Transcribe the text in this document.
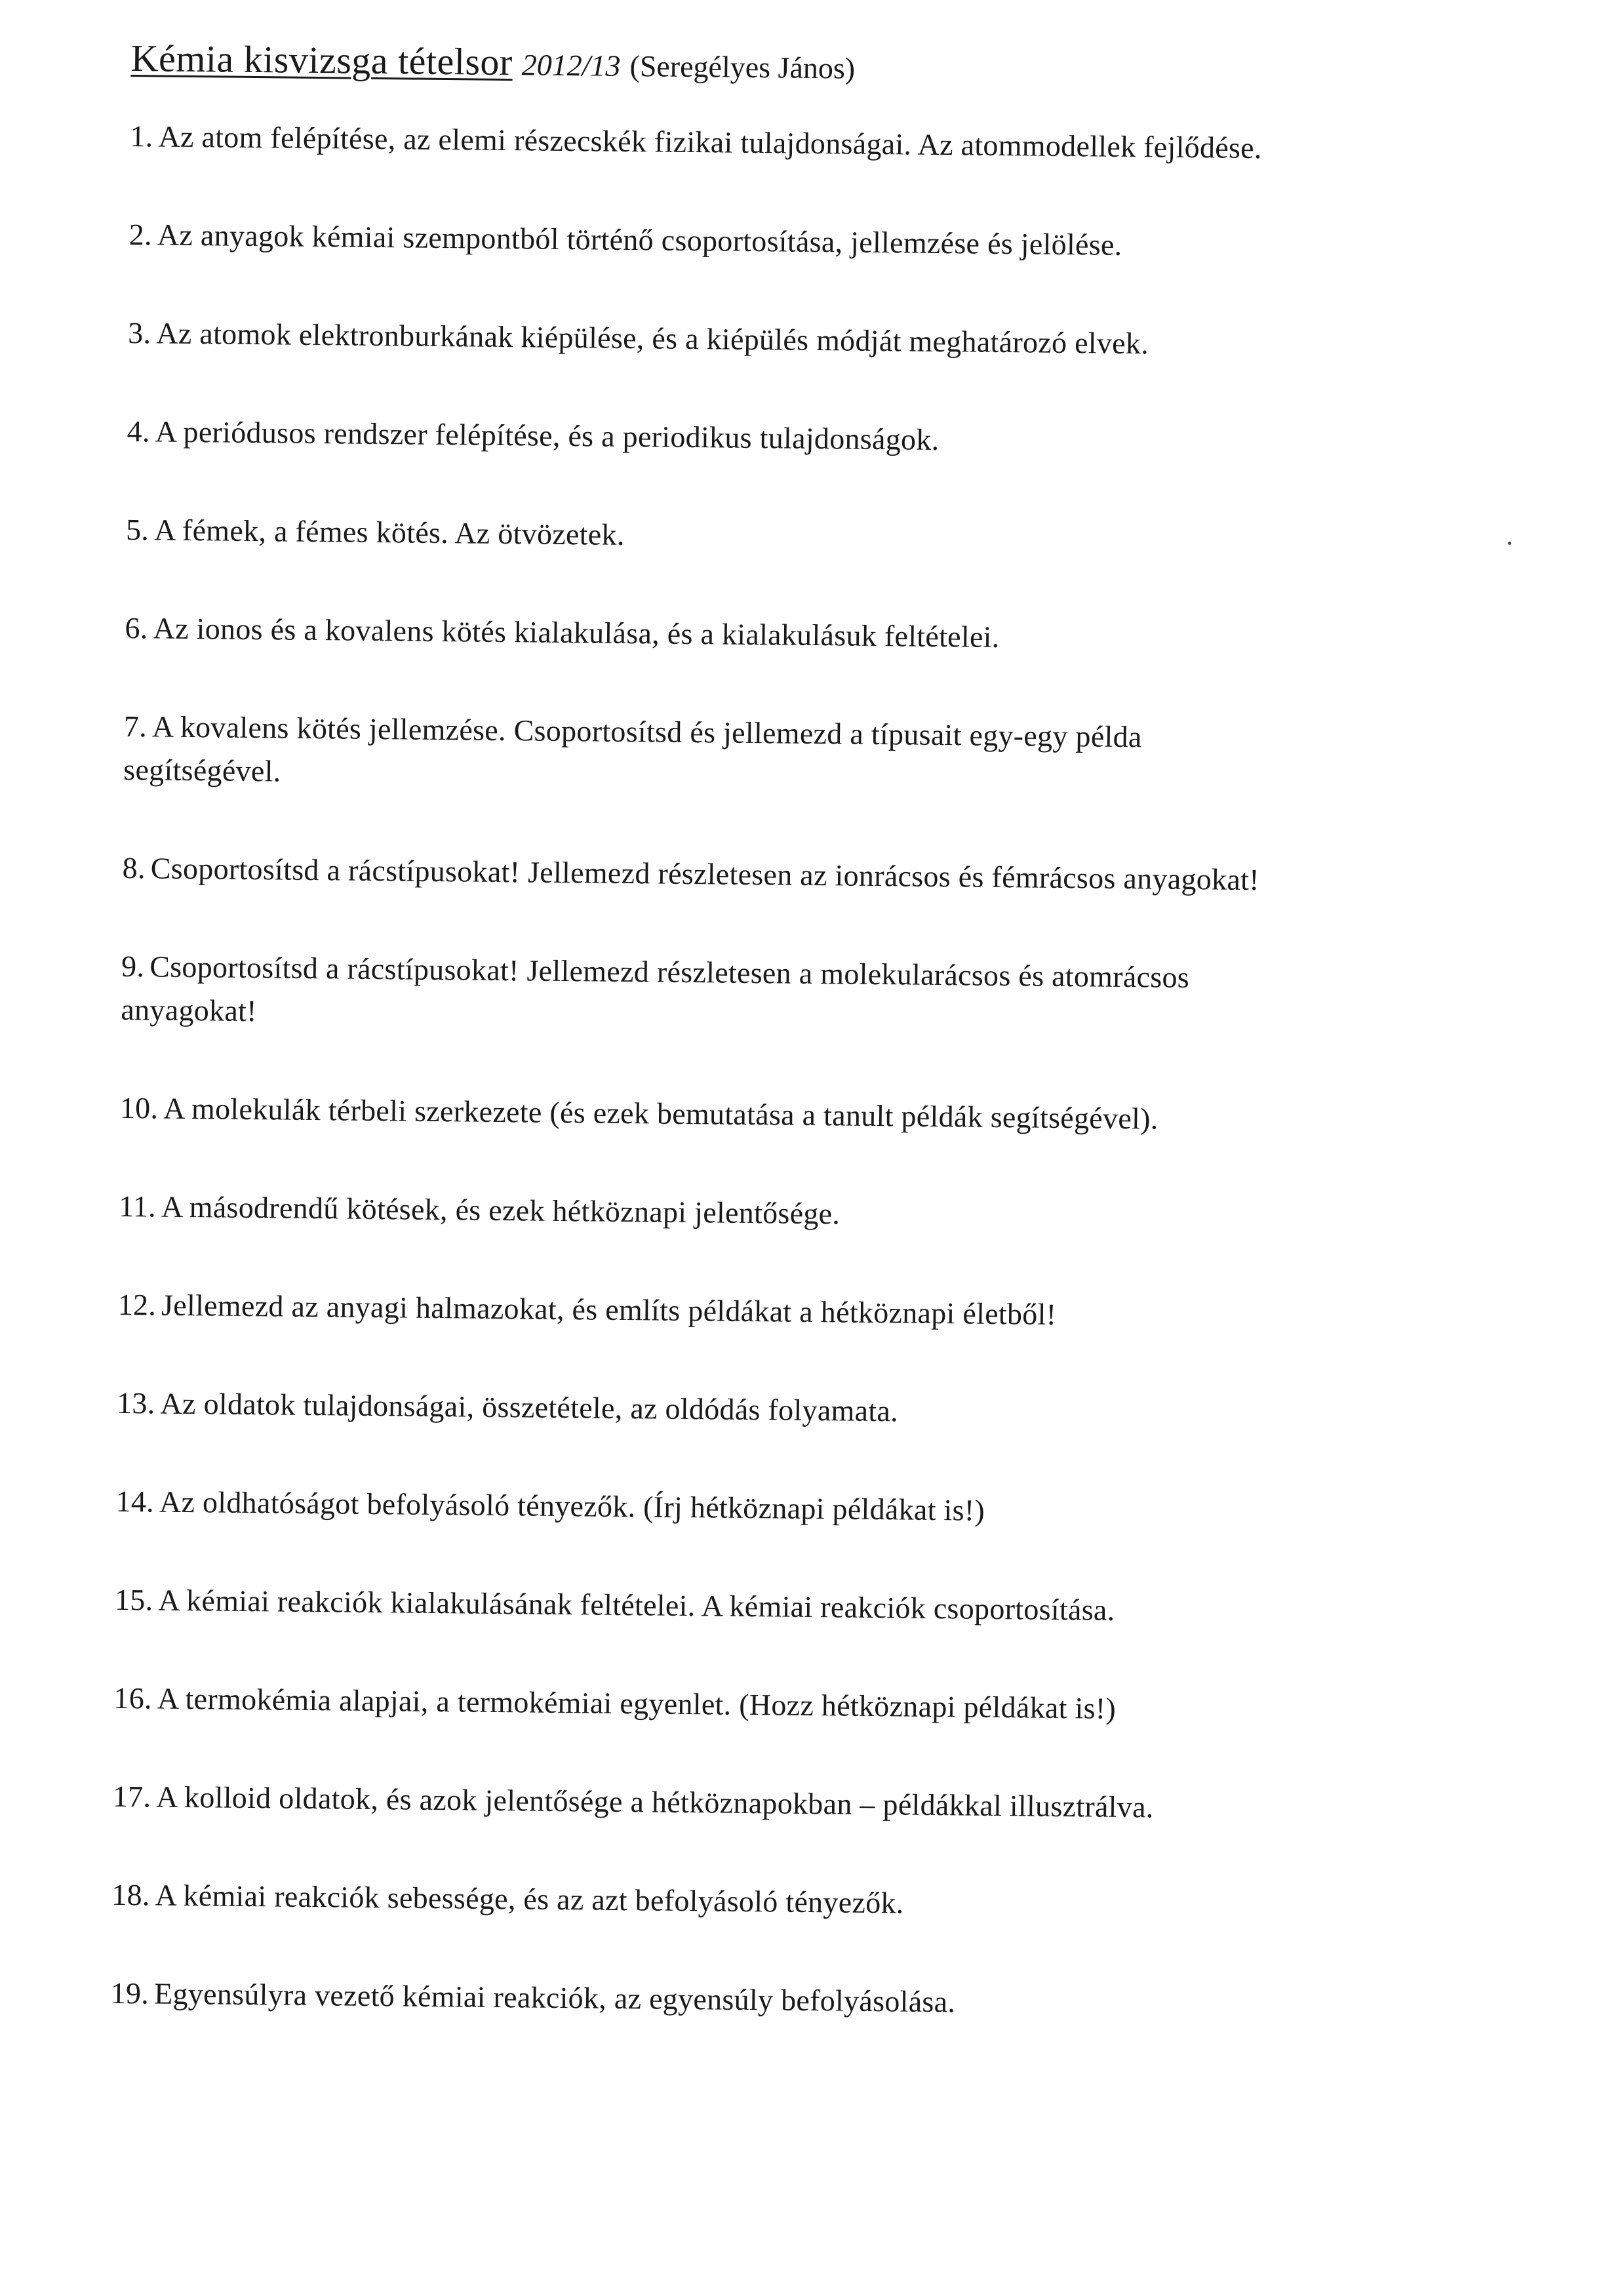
Kémia kisvizsga tételsor 2012/13 (Seregélyes János)
1. Az atom felépítése, az elemi részecskék fizikai tulajdonságai. Az atommodellek fejlődése.
2. Az anyagok kémiai szempontból történő csoportosítása, jellemzése és jelölése.
3. Az atomok elektronburkának kiépülése, és a kiépülés módját meghatározó elvek.
4. A periódusos rendszer felépítése, és a periodikus tulajdonságok.
5. A fémek, a fémes kötés. Az ötvözetek.
6. Az ionos és a kovalens kötés kialakulása, és a kialakulásuk feltételei.
7. A kovalens kötés jellemzése. Csoportosítsd és jellemezd a típusait egy-egy példa
segítségével.
8. Csoportosítsd a rácstípusokat! Jellemezd részletesen az ionrácsos és fémrácsos anyagokat!
9. Csoportosítsd a rácstípusokat! Jellemezd részletesen a molekularácsos és atomrácsos
anyagokat!
10. A molekulák térbeli szerkezete (és ezek bemutatása a tanult példák segítségével).
11. A másodrendű kötések, és ezek hétköznapi jelentősége.
12. Jellemezd az anyagi halmazokat, és említs példákat a hétköznapi életből!
13. Az oldatok tulajdonságai, összetétele, az oldódás folyamata.
14. Az oldhatóságot befolyásoló tényezők. (Írj hétköznapi példákat is!)
15. A kémiai reakciók kialakulásának feltételei. A kémiai reakciók csoportosítása.
16. A termokémia alapjai, a termokémiai egyenlet. (Hozz hétköznapi példákat is!)
17. A kolloid oldatok, és azok jelentősége a hétköznapokban – példákkal illusztrálva.
18. A kémiai reakciók sebessége, és az azt befolyásoló tényezők.
19. Egyensúlyra vezető kémiai reakciók, az egyensúly befolyásolása.
